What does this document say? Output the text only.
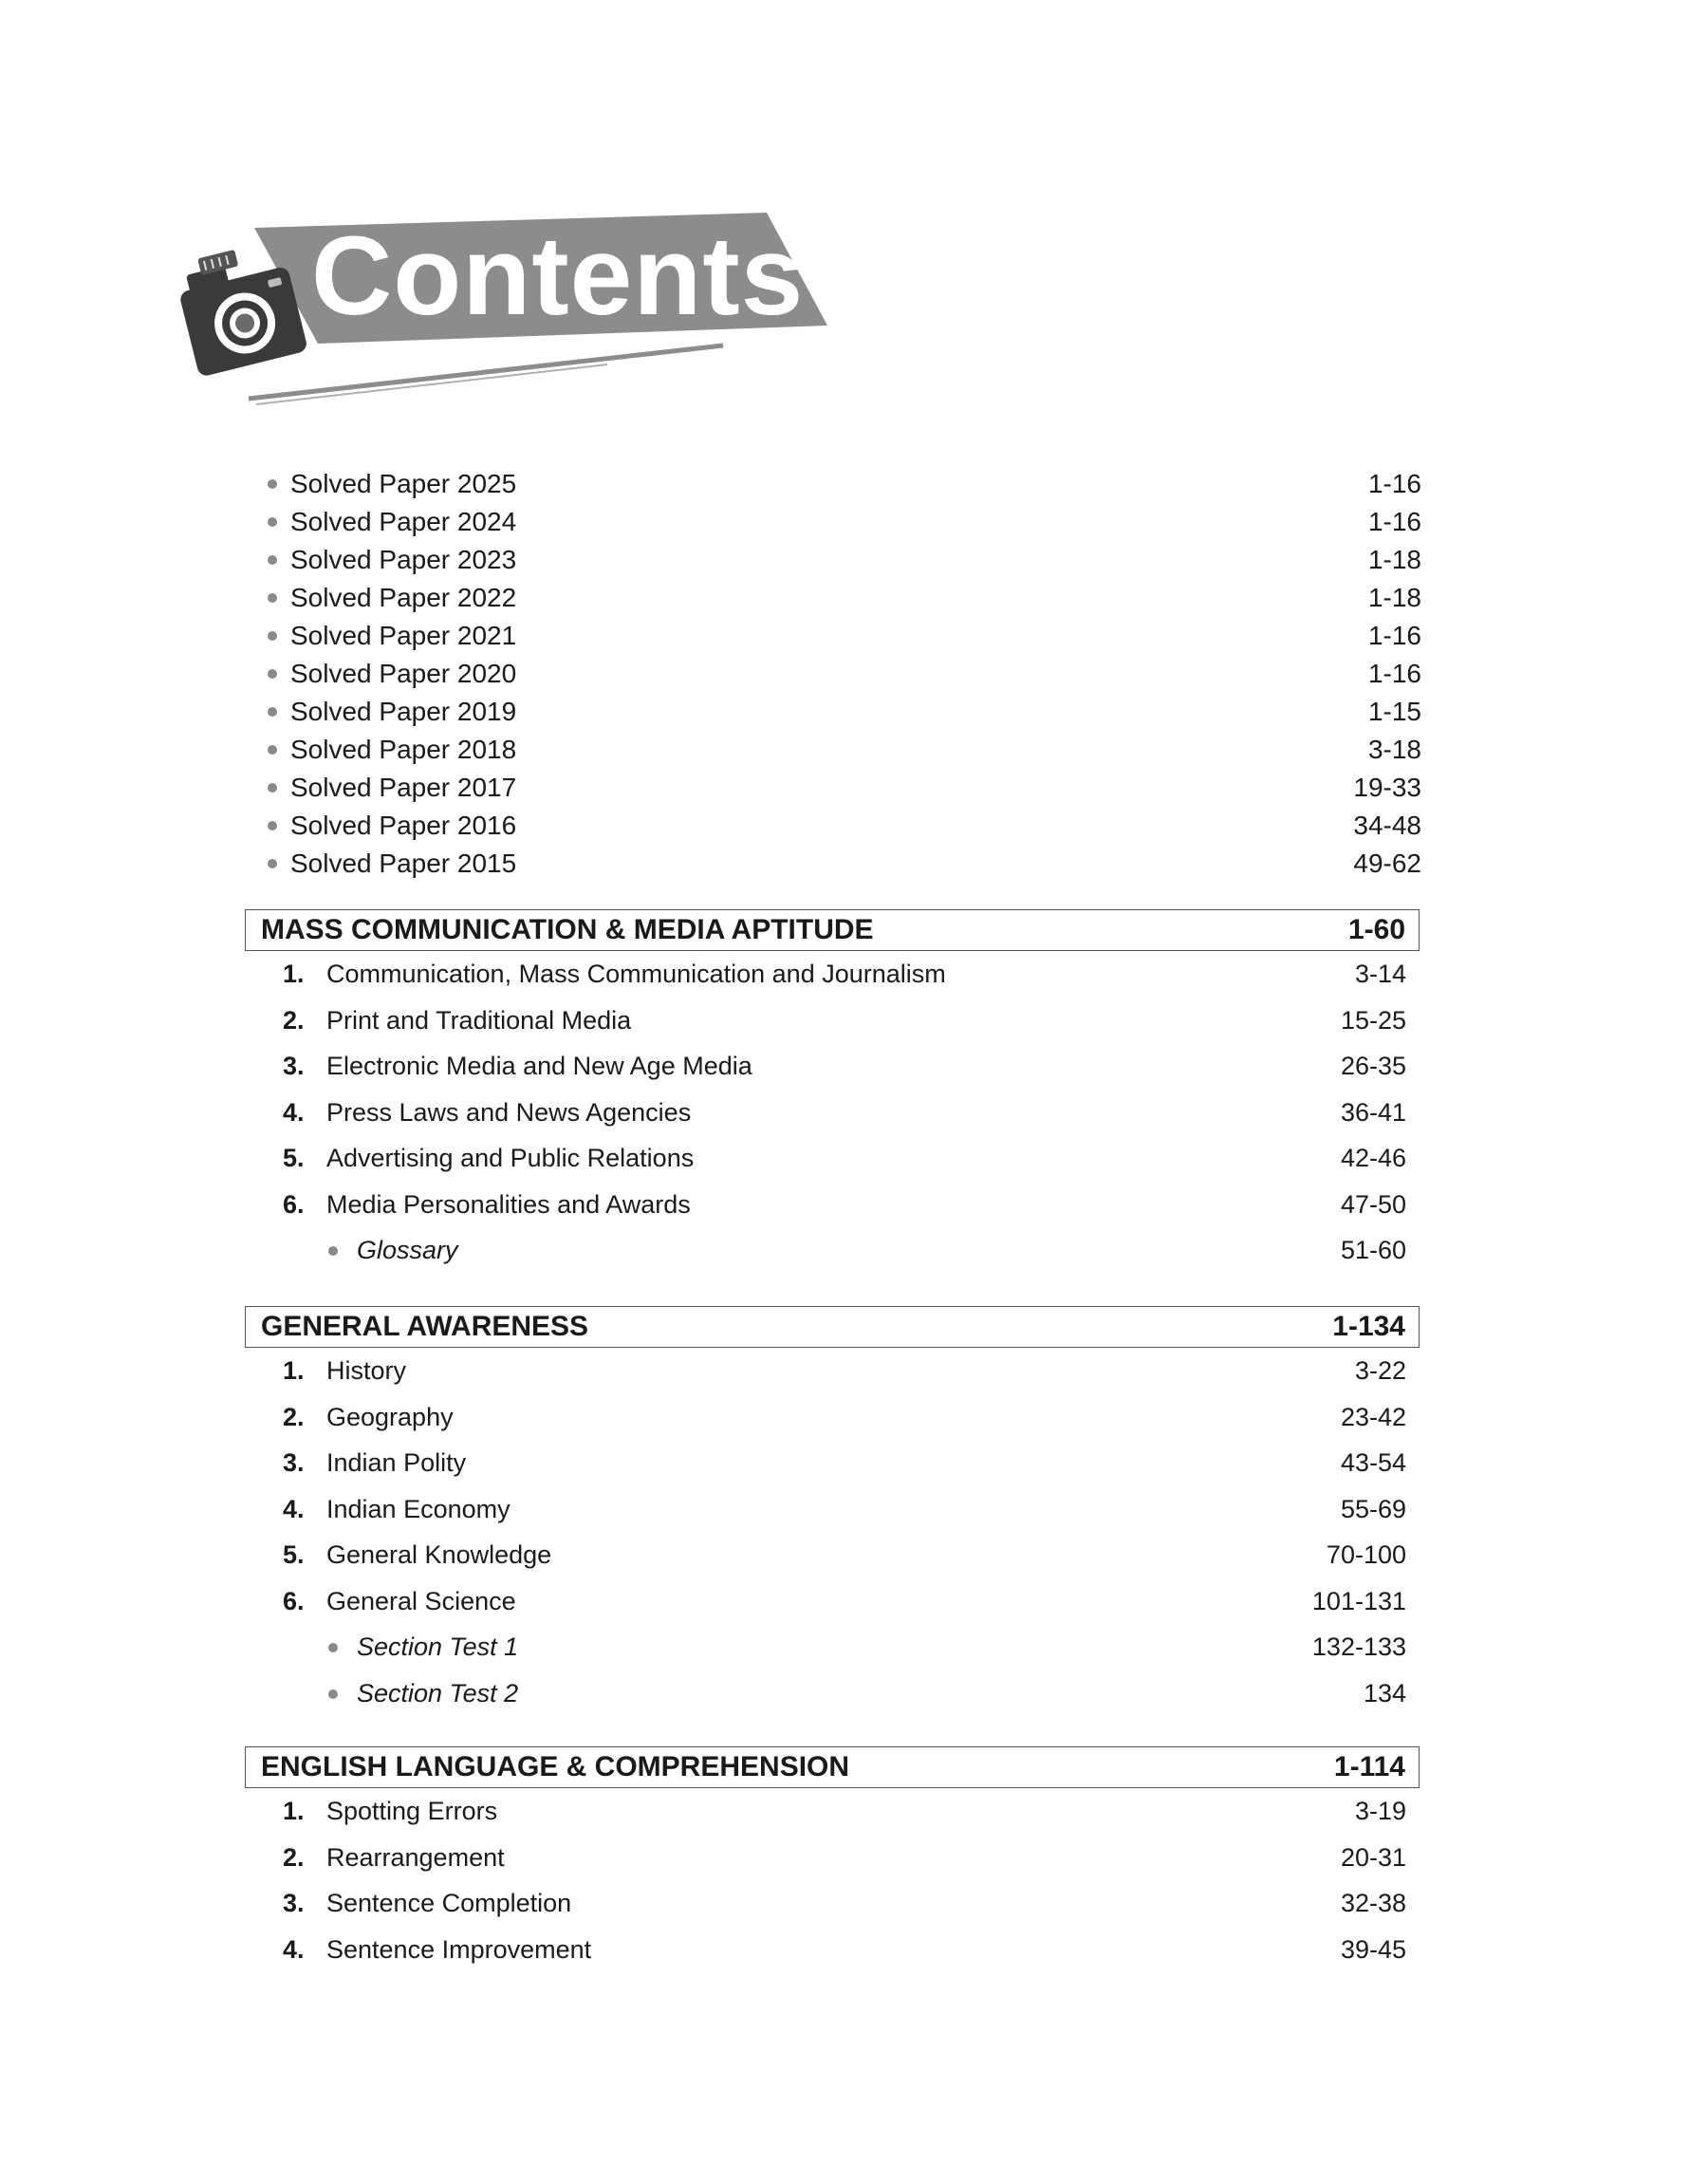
Contents
Solved Paper 2025	1-16
Solved Paper 2024	1-16
Solved Paper 2023	1-18
Solved Paper 2022	1-18
Solved Paper 2021	1-16
Solved Paper 2020	1-16
Solved Paper 2019	1-15
Solved Paper 2018	3-18
Solved Paper 2017	19-33
Solved Paper 2016	34-48
Solved Paper 2015	49-62
MASS COMMUNICATION & MEDIA APTITUDE	1-60
1. Communication, Mass Communication and Journalism	3-14
2. Print and Traditional Media	15-25
3. Electronic Media and New Age Media	26-35
4. Press Laws and News Agencies	36-41
5. Advertising and Public Relations	42-46
6. Media Personalities and Awards	47-50
Glossary	51-60
GENERAL AWARENESS	1-134
1. History	3-22
2. Geography	23-42
3. Indian Polity	43-54
4. Indian Economy	55-69
5. General Knowledge	70-100
6. General Science	101-131
Section Test 1	132-133
Section Test 2	134
ENGLISH LANGUAGE & COMPREHENSION	1-114
1. Spotting Errors	3-19
2. Rearrangement	20-31
3. Sentence Completion	32-38
4. Sentence Improvement	39-45
